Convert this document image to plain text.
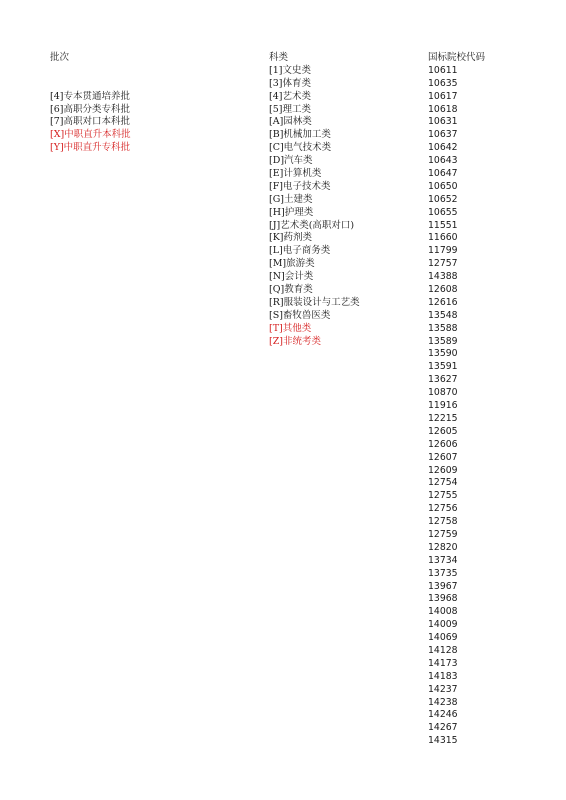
批次
[4]专本贯通培养批
[6]高职分类专科批
[7]高职对口本科批
[X]中职直升本科批
[Y]中职直升专科批
科类
[1]文史类
[3]体育类
[4]艺术类
[5]理工类
[A]园林类
[B]机械加工类
[C]电气技术类
[D]汽车类
[E]计算机类
[F]电子技术类
[G]土建类
[H]护理类
[J]艺术类(高职对口)
[K]药剂类
[L]电子商务类
[M]旅游类
[N]会计类
[Q]教育类
[R]服装设计与工艺类
[S]畜牧兽医类
[T]其他类
[Z]非统考类
国标院校代码
10611
10635
10617
10618
10631
10637
10642
10643
10647
10650
10652
10655
11551
11660
11799
12757
14388
12608
12616
13548
13588
13589
13590
13591
13627
10870
11916
12215
12605
12606
12607
12609
12754
12755
12756
12758
12759
12820
13734
13735
13967
13968
14008
14009
14069
14128
14173
14183
14237
14238
14246
14267
14315
